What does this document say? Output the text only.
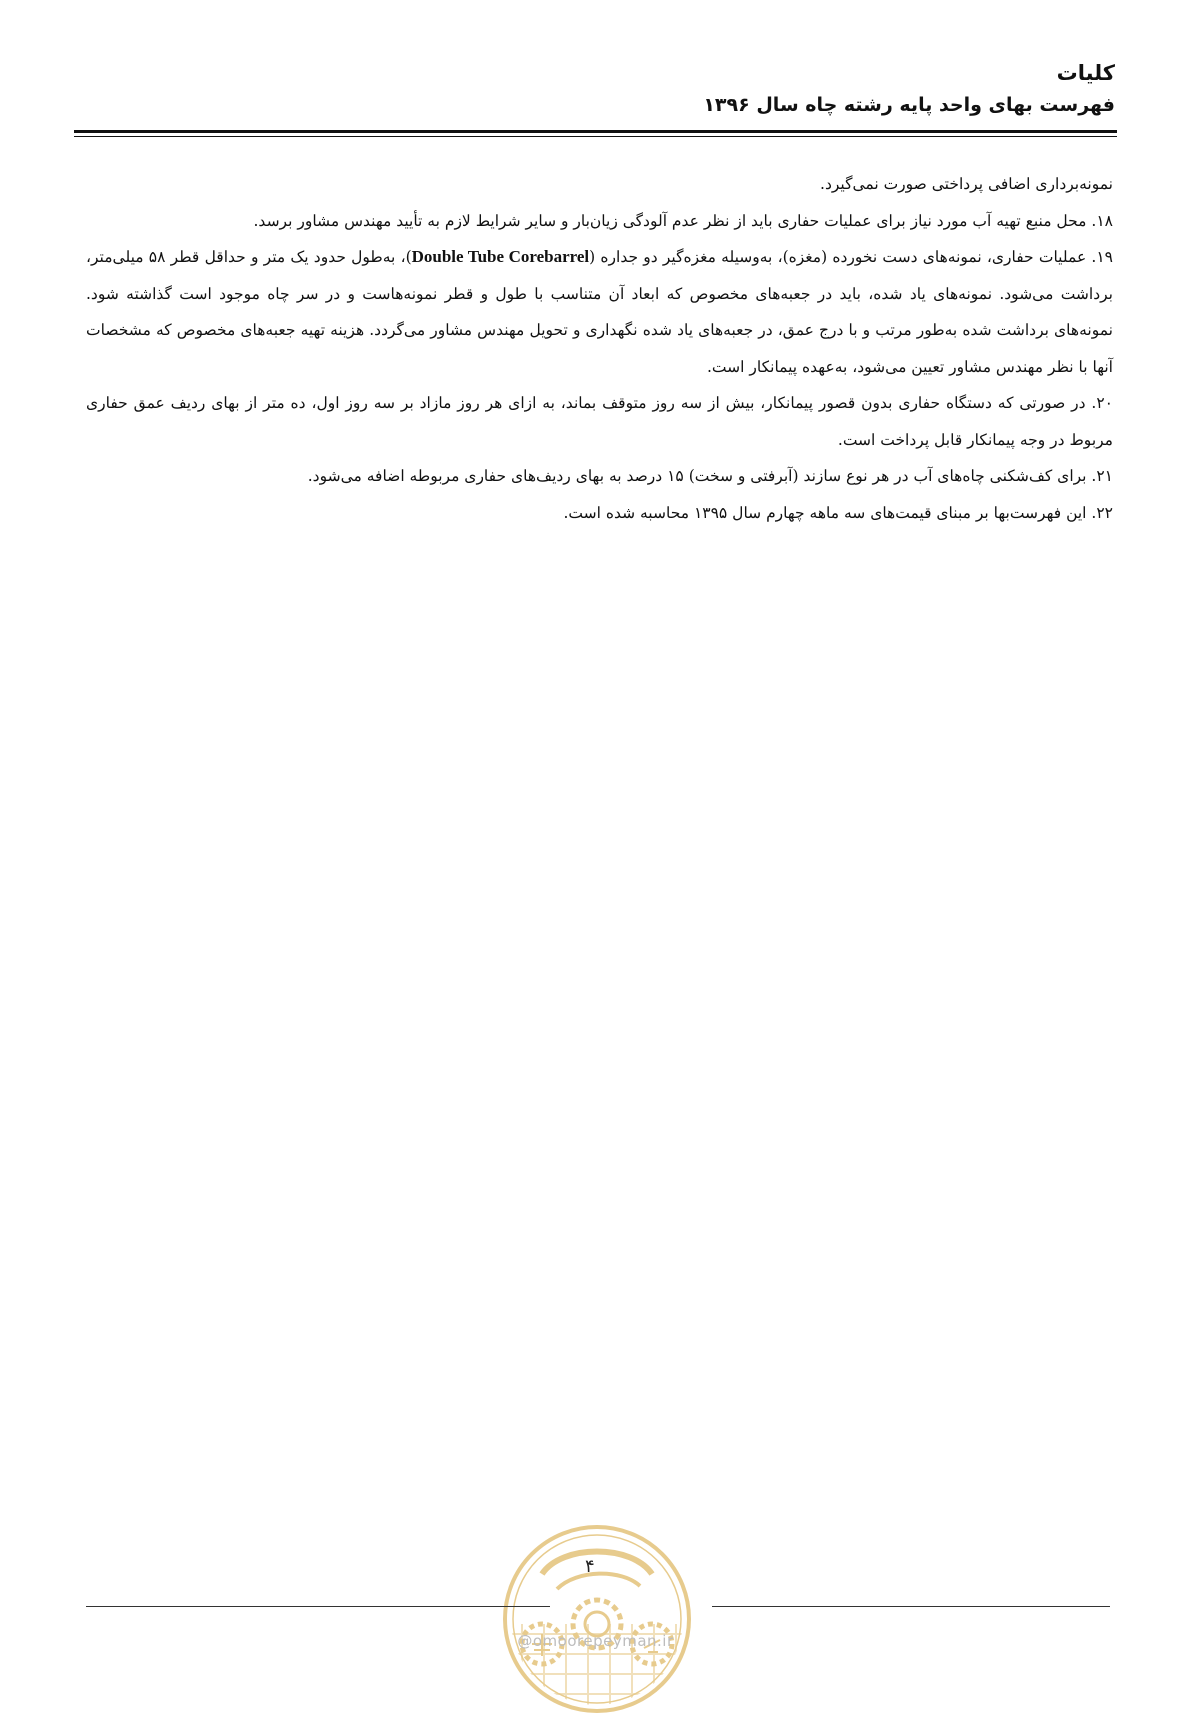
کلیات
فهرست بهای واحد پایه رشته چاه سال ۱۳۹۶

نمونه‌برداری اضافی پرداختی صورت نمی‌گیرد.

۱۸. محل منبع تهیه آب مورد نیاز برای عملیات حفاری باید از نظر عدم آلودگی زیان‌بار و سایر شرایط لازم به تأیید مهندس مشاور برسد.

۱۹. عملیات حفاری، نمونه‌های دست نخورده (مغزه)، به‌وسیله مغزه‌گیر دو جداره (Double Tube Corebarrel)، به‌طول حدود یک متر و حداقل قطر ۵۸ میلی‌متر، برداشت می‌شود. نمونه‌های یاد شده، باید در جعبه‌های مخصوص که ابعاد آن متناسب با طول و قطر نمونه‌هاست و در سر چاه موجود است گذاشته شود. نمونه‌های برداشت شده به‌طور مرتب و با درج عمق، در جعبه‌های یاد شده نگهداری و تحویل مهندس مشاور می‌گردد. هزینه تهیه جعبه‌های مخصوص که مشخصات آنها با نظر مهندس مشاور تعیین می‌شود، به‌عهده پیمانکار است.

۲۰. در صورتی که دستگاه حفاری بدون قصور پیمانکار، بیش از سه روز متوقف بماند، به ازای هر روز مازاد بر سه روز اول، ده متر از بهای ردیف عمق حفاری مربوط در وجه پیمانکار قابل پرداخت است.

۲۱. برای کف‌شکنی چاه‌های آب در هر نوع سازند (آبرفتی و سخت) ۱۵ درصد به بهای ردیف‌های حفاری مربوطه اضافه می‌شود.

۲۲. این فهرست‌بها بر مبنای قیمت‌های سه ماهه چهارم سال ۱۳۹۵ محاسبه شده است.

۴
@omoorepeyman.ir
